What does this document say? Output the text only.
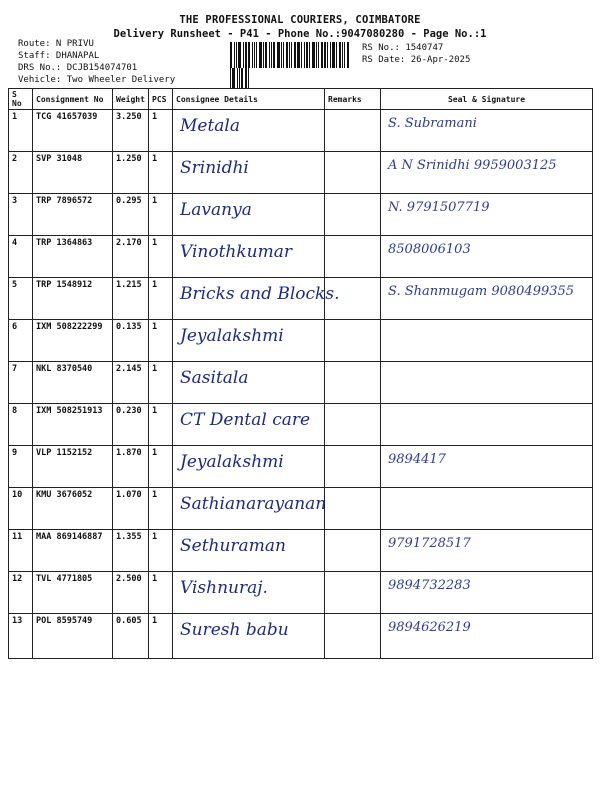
THE PROFESSIONAL COURIERS, COIMBATORE
Delivery Runsheet - P41 - Phone No.:9047080280 - Page No.:1
Route: N PRIVU
Staff: DHANAPAL
DRS No.: DCJB154074701
Vehicle: Two Wheeler Delivery
RS No.: 1540747
RS Date: 26-Apr-2025
S No	Consignment No	Weight	PCS	Consignee Details	Remarks	Seal & Signature
1	TCG 41657039	3.250	1	Metala		S. Subramani
2	SVP 31048	1.250	1	Srinidhi		A N Srinidhi 9959003125
3	TRP 7896572	0.295	1	Lavanya		N. 9791507719
4	TRP 1364863	2.170	1	Vinothkumar		8508006103
5	TRP 1548912	1.215	1	Bricks and Blocks.		S. Shanmugam 9080499355
6	IXM 508222299	0.135	1	Jeyalakshmi		
7	NKL 8370540	2.145	1	Sasitala		
8	IXM 508251913	0.230	1	CT Dental care		
9	VLP 1152152	1.870	1	Jeyalakshmi		9894417
10	KMU 3676052	1.070	1	Sathianarayanan		
11	MAA 869146887	1.355	1	Sethuraman		9791728517
12	TVL 4771805	2.500	1	Vishnuraj.		9894732283
13	POL 8595749	0.605	1	Suresh babu		9894626219
